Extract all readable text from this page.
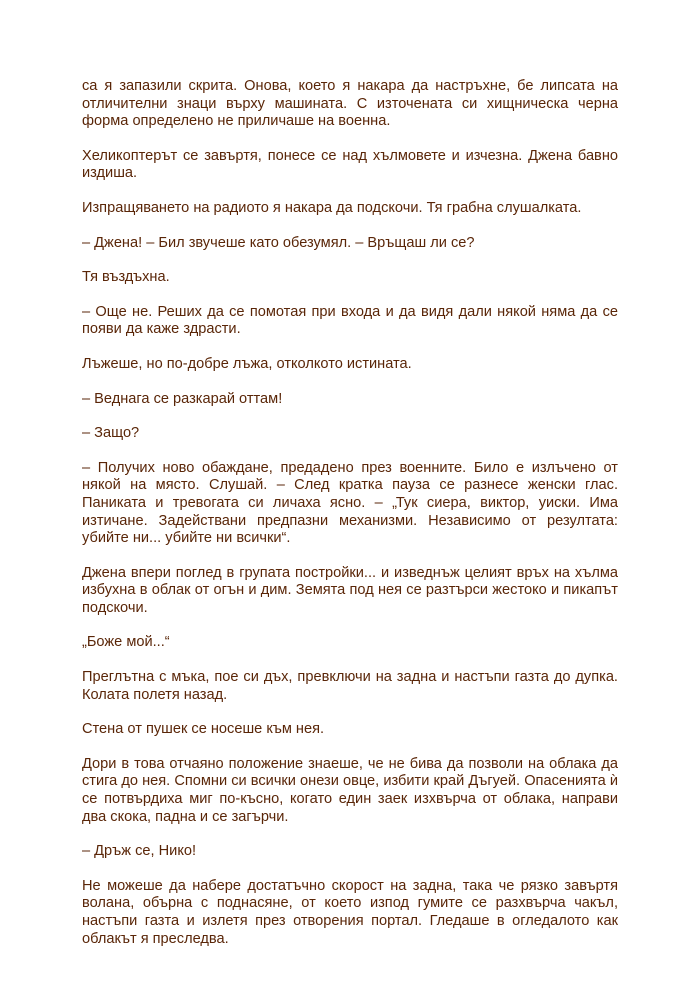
са я запазили скрита. Онова, което я накара да настръхне, бе липсата на отличителни знаци върху машината. С източената си хищническа черна форма определено не приличаше на военна.

Хеликоптерът се завъртя, понесе се над хълмовете и изчезна. Джена бавно издиша.

Изпращяването на радиото я накара да подскочи. Тя грабна слушалката.

– Джена! – Бил звучеше като обезумял. – Връщаш ли се?

Тя въздъхна.

– Още не. Реших да се помотая при входа и да видя дали някой няма да се появи да каже здрасти.

Лъжеше, но по-добре лъжа, отколкото истината.

– Веднага се разкарай оттам!

– Защо?

– Получих ново обаждане, предадено през военните. Било е излъчено от някой на място. Слушай. – След кратка пауза се разнесе женски глас. Паниката и тревогата си личаха ясно. – „Тук сиера, виктор, уиски. Има изтичане. Задействани предпазни механизми. Независимо от резултата: убийте ни... убийте ни всички“.

Джена впери поглед в групата постройки... и изведнъж целият връх на хълма избухна в облак от огън и дим. Земята под нея се разтърси жестоко и пикапът подскочи.

„Боже мой...“

Преглътна с мъка, пое си дъх, превключи на задна и настъпи газта до дупка. Колата полетя назад.

Стена от пушек се носеше към нея.

Дори в това отчаяно положение знаеше, че не бива да позволи на облака да стига до нея. Спомни си всички онези овце, избити край Дъгуей. Опасенията ѝ се потвърдиха миг по-късно, когато един заек изхвърча от облака, направи два скока, падна и се загърчи.

– Дръж се, Нико!

Не можеше да набере достатъчно скорост на задна, така че рязко завъртя волана, обърна с поднасяне, от което изпод гумите се разхвърча чакъл, настъпи газта и излетя през отворения портал. Гледаше в огледалото как облакът я преследва.
